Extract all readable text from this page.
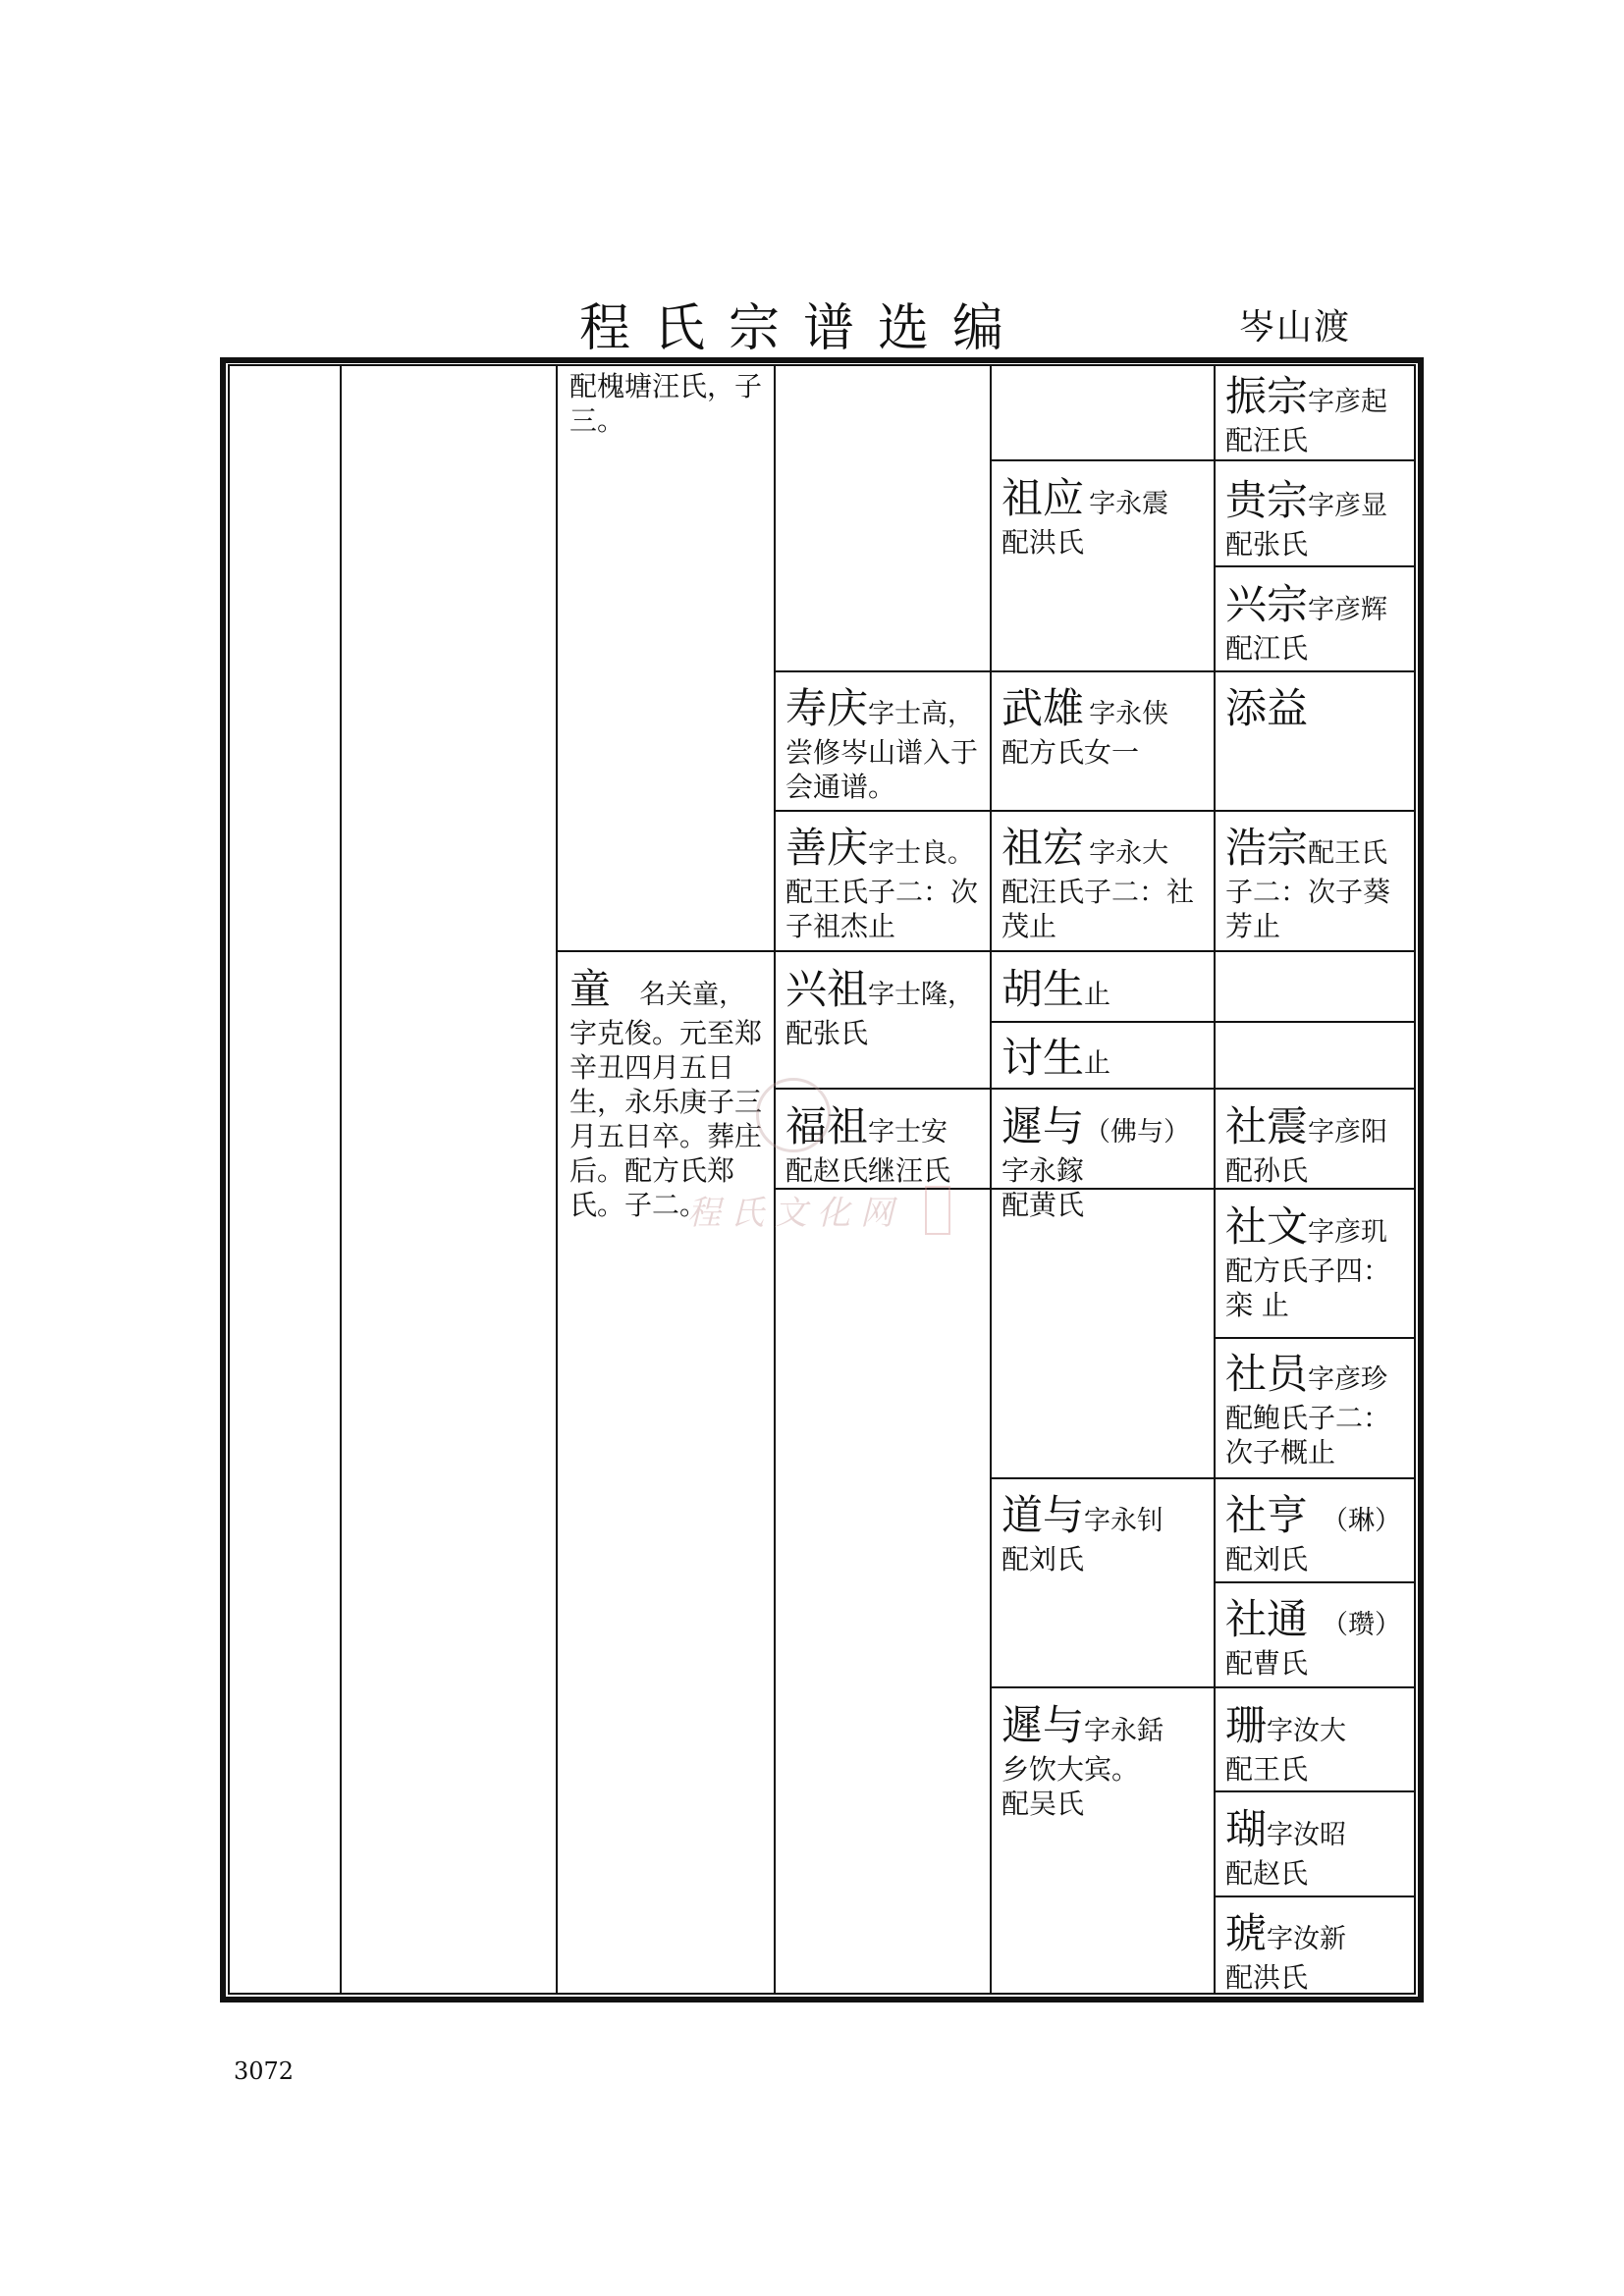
程氏宗谱选编	岑山渡
配槐塘汪氏，子三。
童 名关童，
字克俊。元至郑辛丑四月五日生，永乐庚子三月五日卒。葬庄后。配方氏郑氏。子二。
寿庆字士高，
尝修岑山谱入于会通谱。
善庆字士良。
配王氏子二：次子祖杰止
兴祖字士隆，
配张氏
福祖字士安
配赵氏继汪氏
祖应 字永震
配洪氏
武雄 字永侠
配方氏女一
祖宏 字永大
配汪氏子二：社茂止
胡生止
讨生止
遲与（佛与）
字永鎵
配黄氏
道与字永钊
配刘氏
遲与字永銛
乡饮大宾。
配吴氏
振宗字彦起
配汪氏
贵宗字彦显
配张氏
兴宗字彦辉
配江氏
添益
浩宗配王氏
子二：次子葵芳止
社震字彦阳
配孙氏
社文字彦玑
配方氏子四：栾 止
社员字彦珍
配鲍氏子二：次子概止
社亨 （琳）
配刘氏
社通 （瓒）
配曹氏
珊字汝大
配王氏
瑚字汝昭
配赵氏
琥字汝新
配洪氏
程氏文化网
3072
